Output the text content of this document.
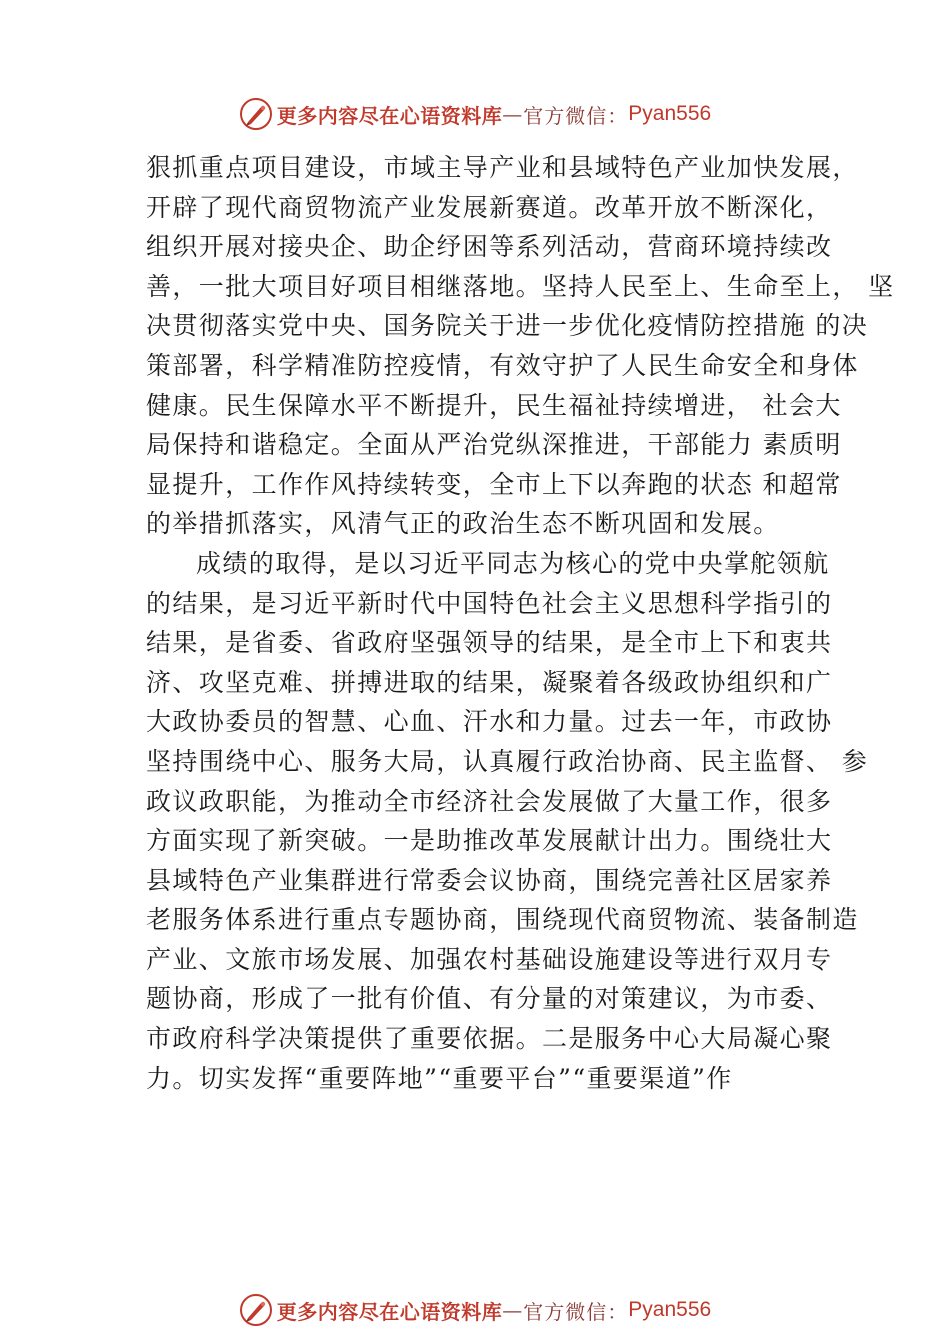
更多内容尽在心语资料库 — 官方微信： Pyan556
狠抓重点项目建设，市域主导产业和县域特色产业加快发展，
开辟了现代商贸物流产业发展新赛道。改革开放不断深化，
组织开展对接央企、助企纾困等系列活动，营商环境持续改
善，一批大项目好项目相继落地。坚持人民至上、生命至上， 坚
决贯彻落实党中央、国务院关于进一步优化疫情防控措施 的决
策部署，科学精准防控疫情，有效守护了人民生命安全和身体
健康。民生保障水平不断提升，民生福祉持续增进， 社会大
局保持和谐稳定。全面从严治党纵深推进，干部能力 素质明
显提升，工作作风持续转变，全市上下以奔跑的状态 和超常
的举措抓落实，风清气正的政治生态不断巩固和发展。
成绩的取得，是以习近平同志为核心的党中央掌舵领航
的结果，是习近平新时代中国特色社会主义思想科学指引的
结果，是省委、省政府坚强领导的结果，是全市上下和衷共
济、攻坚克难、拼搏进取的结果，凝聚着各级政协组织和广
大政协委员的智慧、心血、汗水和力量。过去一年，市政协
坚持围绕中心、服务大局，认真履行政治协商、民主监督、 参
政议政职能，为推动全市经济社会发展做了大量工作，很多
方面实现了新突破。一是助推改革发展献计出力。围绕壮大
县域特色产业集群进行常委会议协商，围绕完善社区居家养
老服务体系进行重点专题协商，围绕现代商贸物流、装备制造
产业、文旅市场发展、加强农村基础设施建设等进行双月专
题协商，形成了一批有价值、有分量的对策建议，为市委、
市政府科学决策提供了重要依据。二是服务中心大局凝心聚
力。切实发挥“重要阵地”“重要平台”“重要渠道”作
更多内容尽在心语资料库 — 官方微信： Pyan556
